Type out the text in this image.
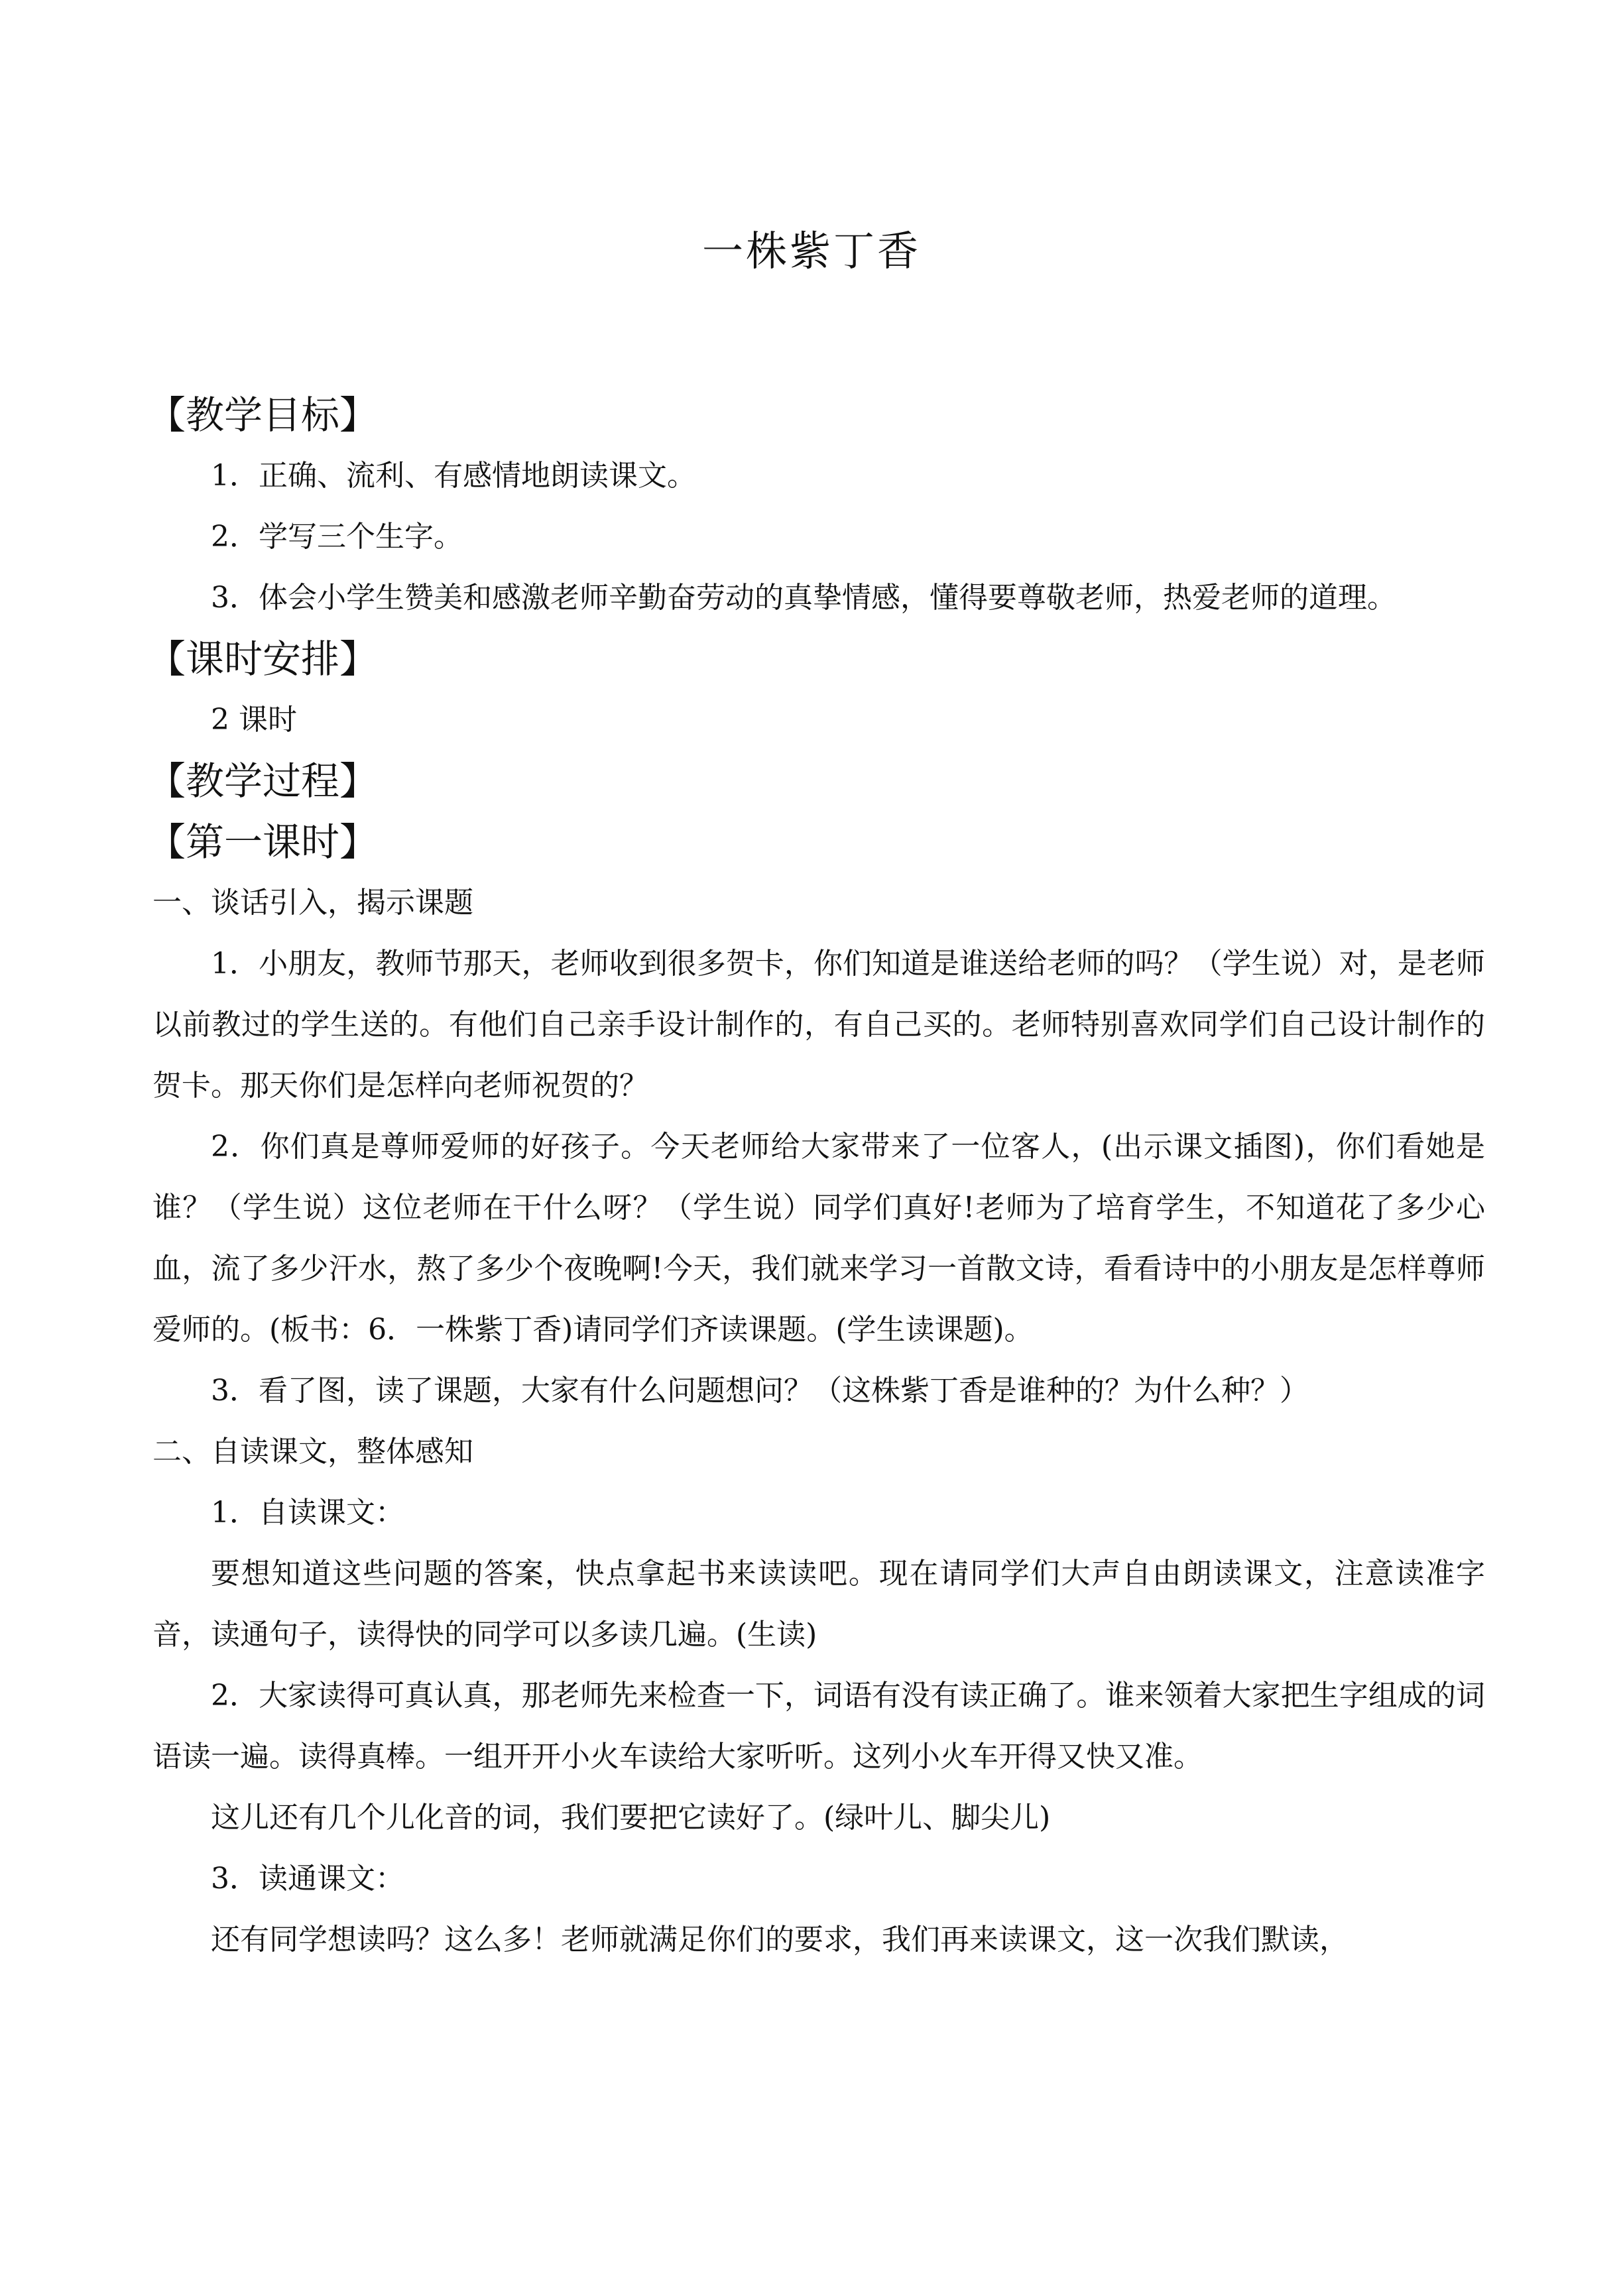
一株紫丁香

【教学目标】

1．正确、流利、有感情地朗读课文。

2．学写三个生字。

3．体会小学生赞美和感激老师辛勤奋劳动的真挚情感，懂得要尊敬老师，热爱老师的道理。

【课时安排】

2 课时

【教学过程】

【第一课时】

一、谈话引入，揭示课题

1．小朋友，教师节那天，老师收到很多贺卡，你们知道是谁送给老师的吗？（学生说）对，是老师以前教过的学生送的。有他们自己亲手设计制作的，有自己买的。老师特别喜欢同学们自己设计制作的贺卡。那天你们是怎样向老师祝贺的？

2．你们真是尊师爱师的好孩子。今天老师给大家带来了一位客人，(出示课文插图)，你们看她是谁？（学生说）这位老师在干什么呀？（学生说）同学们真好!老师为了培育学生，不知道花了多少心血，流了多少汗水，熬了多少个夜晚啊!今天，我们就来学习一首散文诗，看看诗中的小朋友是怎样尊师爱师的。(板书：6．一株紫丁香)请同学们齐读课题。(学生读课题)。

3．看了图，读了课题，大家有什么问题想问？（这株紫丁香是谁种的？为什么种？）

二、自读课文，整体感知

1．自读课文：

要想知道这些问题的答案，快点拿起书来读读吧。现在请同学们大声自由朗读课文，注意读准字音，读通句子，读得快的同学可以多读几遍。(生读)

2．大家读得可真认真，那老师先来检查一下，词语有没有读正确了。谁来领着大家把生字组成的词语读一遍。读得真棒。一组开开小火车读给大家听听。这列小火车开得又快又准。

这儿还有几个儿化音的词，我们要把它读好了。(绿叶儿、脚尖儿)

3．读通课文：

还有同学想读吗？这么多！老师就满足你们的要求，我们再来读课文，这一次我们默读，
